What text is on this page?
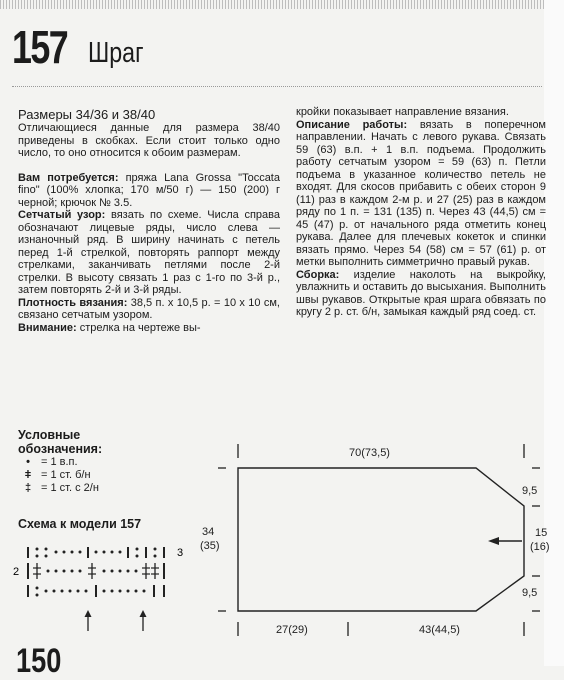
157 Шраг

Размеры 34/36 и 38/40

Отличающиеся данные для размера 38/40 приведены в скобках. Если стоит только одно число, то оно относится к обоим размерам.

Вам потребуется: пряжа Lana Grossa "Toccata fino" (100% хлопка; 170 м/50 г) — 150 (200) г черной; крючок № 3.5.

Сетчатый узор: вязать по схеме. Числа справа обозначают лицевые ряды, число слева — изнаночный ряд. В ширину начинать с петель перед 1-й стрелкой, повторять раппорт между стрелками, заканчивать петлями после 2-й стрелки. В высоту связать 1 раз с 1-го по 3-й р., затем повторять 2-й и 3-й ряды.

Плотность вязания: 38,5 п. х 10,5 р. = 10 х 10 см, связано сетчатым узором.

Внимание: стрелка на чертеже вы-

кройки показывает направление вязания.

Описание работы: вязать в поперечном направлении. Начать с левого рукава. Связать 59 (63) в.п. + 1 в.п. подъема. Продолжить работу сетчатым узором = 59 (63) п. Петли подъема в указанное количество петель не входят. Для скосов прибавить с обеих сторон 9 (11) раз в каждом 2-м р. и 27 (25) раз в каждом ряду по 1 п. = 131 (135) п. Через 43 (44,5) см = 45 (47) р. от начального ряда отметить конец рукава. Далее для плечевых кокеток и спинки вязать прямо. Через 54 (58) см = 57 (61) р. от метки выполнить симметрично правый рукав.

Сборка: изделие наколоть на выкройку, увлажнить и оставить до высыхания. Выполнить швы рукавов. Открытые края шрага обвязать по кругу 2 р. ст. б/н, замыкая каждый ряд соед. ст.

Условные
обозначения:
•	= 1 в.п.
ǂ = 1 ст. б/н
‡ = 1 ст. с 2/н
Схема к модели 157
3
2
70(73,5)
34
(35)
9,5
15
(16)
9,5
27(29)	43(44,5)
150
